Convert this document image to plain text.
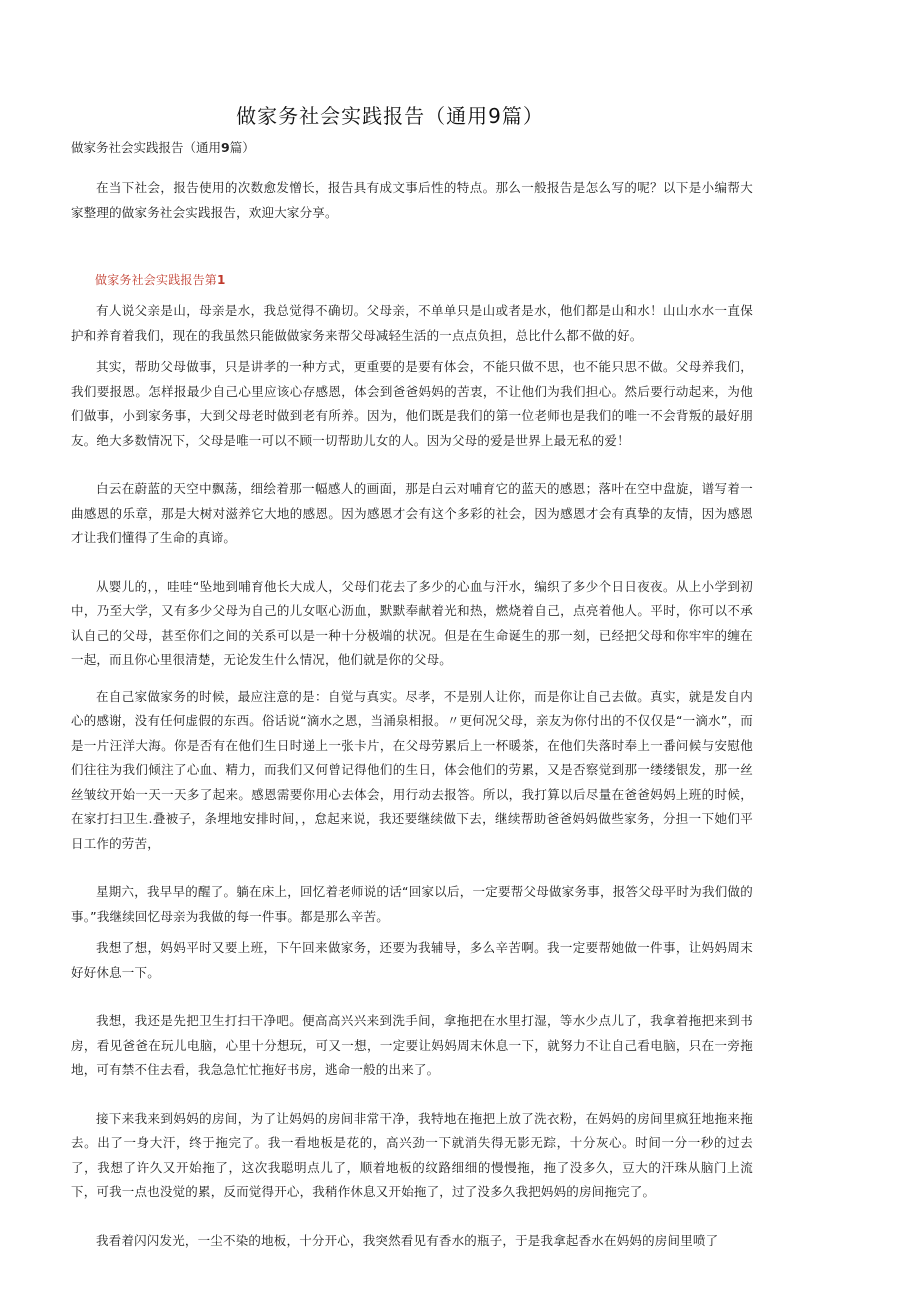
做家务社会实践报告（通用9篇）

做家务社会实践报告（通用9篇）

在当下社会，报告使用的次数愈发憎长，报告具有成文事后性的特点。那么一般报告是怎么写的呢？以下是小编帮大家整理的做家务社会实践报告，欢迎大家分享。

做家务社会实践报告第1

有人说父亲是山，母亲是水，我总觉得不确切。父母亲，不单单只是山或者是水，他们都是山和水！山山水水一直保护和养育着我们，现在的我虽然只能做做家务来帮父母减轻生活的一点点负担，总比什么都不做的好。

其实，帮助父母做事，只是讲孝的一种方式，更重要的是要有体会，不能只做不思，也不能只思不做。父母养我们，我们要报恩。怎样报最少自己心里应该心存感恩，体会到爸爸妈妈的苦衷，不让他们为我们担心。然后要行动起来，为他们做事，小到家务事，大到父母老时做到老有所养。因为，他们既是我们的第一位老师也是我们的唯一不会背叛的最好朋友。绝大多数情况下，父母是唯一可以不顾一切帮助儿女的人。因为父母的爱是世界上最无私的爱！

白云在蔚蓝的天空中飘荡，细绘着那一幅感人的画面，那是白云对哺育它的蓝天的感恩；落叶在空中盘旋，谱写着一曲感恩的乐章，那是大树对滋养它大地的感恩。因为感恩才会有这个多彩的社会，因为感恩才会有真挚的友情，因为感恩才让我们懂得了生命的真谛。

从婴儿的，，哇哇“坠地到哺育他长大成人，父母们花去了多少的心血与汗水，编织了多少个日日夜夜。从上小学到初中，乃至大学，又有多少父母为自己的儿女呕心沥血，默默奉献着光和热，燃烧着自己，点亮着他人。平时，你可以不承认自己的父母，甚至你们之间的关系可以是一种十分极端的状况。但是在生命诞生的那一刻，已经把父母和你牢牢的缠在一起，而且你心里很清楚，无论发生什么情况，他们就是你的父母。

在自己家做家务的时候，最应注意的是：自觉与真实。尽孝，不是别人让你，而是你让自己去做。真实，就是发自内心的感谢，没有任何虚假的东西。俗话说“滴水之恩，当涌泉相报。〃更何况父母，亲友为你付出的不仅仅是“一滴水”，而是一片汪洋大海。你是否有在他们生日时递上一张卡片，在父母劳累后上一杯暖茶，在他们失落时奉上一番问候与安慰他们往往为我们倾注了心血、精力，而我们又何曾记得他们的生日，体会他们的劳累，又是否察觉到那一缕缕银发，那一丝丝皱纹开始一天一天多了起来。感恩需要你用心去体会，用行动去报答。所以，我打算以后尽量在爸爸妈妈上班的时候，在家打扫卫生.叠被子，条埋地安排时间，，怠起来说，我还要继续做下去，继续帮助爸爸妈妈做些家务，分担一下她们平日工作的劳苦，

星期六，我早早的醒了。躺在床上，回忆着老师说的话“回家以后，一定要帮父母做家务事，报答父母平时为我们做的事。”我继续回忆母亲为我做的每一件事。都是那么辛苦。

我想了想，妈妈平时又要上班，下午回来做家务，还要为我辅导，多么辛苦啊。我一定要帮她做一件事，让妈妈周末好好休息一下。

我想，我还是先把卫生打扫干净吧。便高高兴兴来到洗手间，拿拖把在水里打湿，等水少点儿了，我拿着拖把来到书房，看见爸爸在玩儿电脑，心里十分想玩，可又一想，一定要让妈妈周末休息一下，就努力不让自己看电脑，只在一旁拖地，可有禁不住去看，我急急忙忙拖好书房，逃命一般的出来了。

接下来我来到妈妈的房间，为了让妈妈的房间非常干净，我特地在拖把上放了洗衣粉，在妈妈的房间里疯狂地拖来拖去。出了一身大汗，终于拖完了。我一看地板是花的，高兴劲一下就消失得无影无踪，十分灰心。时间一分一秒的过去了，我想了许久又开始拖了，这次我聪明点儿了，顺着地板的纹路细细的慢慢拖，拖了没多久，豆大的汗珠从脑门上流下，可我一点也没觉的累，反而觉得开心，我稍作休息又开始拖了，过了没多久我把妈妈的房间拖完了。

我看着闪闪发光，一尘不染的地板，十分开心，我突然看见有香水的瓶子，于是我拿起香水在妈妈的房间里喷了
